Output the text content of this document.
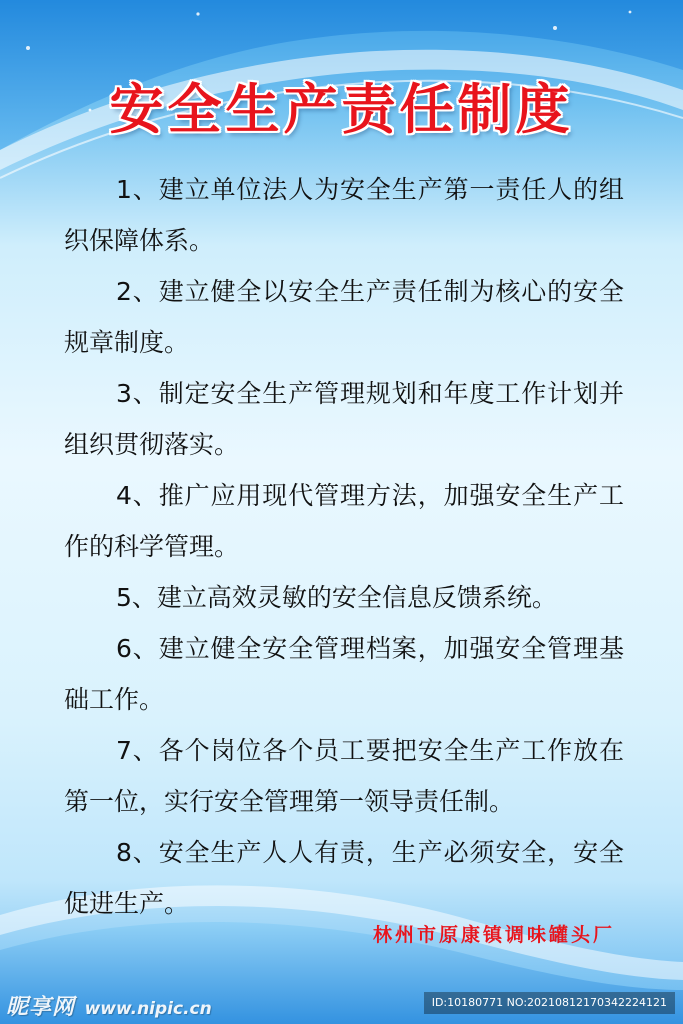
安全生产责任制度

1、建立单位法人为安全生产第一责任人的组织保障体系。

2、建立健全以安全生产责任制为核心的安全规章制度。

3、制定安全生产管理规划和年度工作计划并组织贯彻落实。

4、推广应用现代管理方法，加强安全生产工作的科学管理。

5、建立高效灵敏的安全信息反馈系统。

6、建立健全安全管理档案，加强安全管理基础工作。

7、各个岗位各个员工要把安全生产工作放在第一位，实行安全管理第一领导责任制。

8、安全生产人人有责，生产必须安全，安全促进生产。

林州市原康镇调味罐头厂
昵享网 www.nipic.cn	ID:10180771 NO:20210812170342224121
